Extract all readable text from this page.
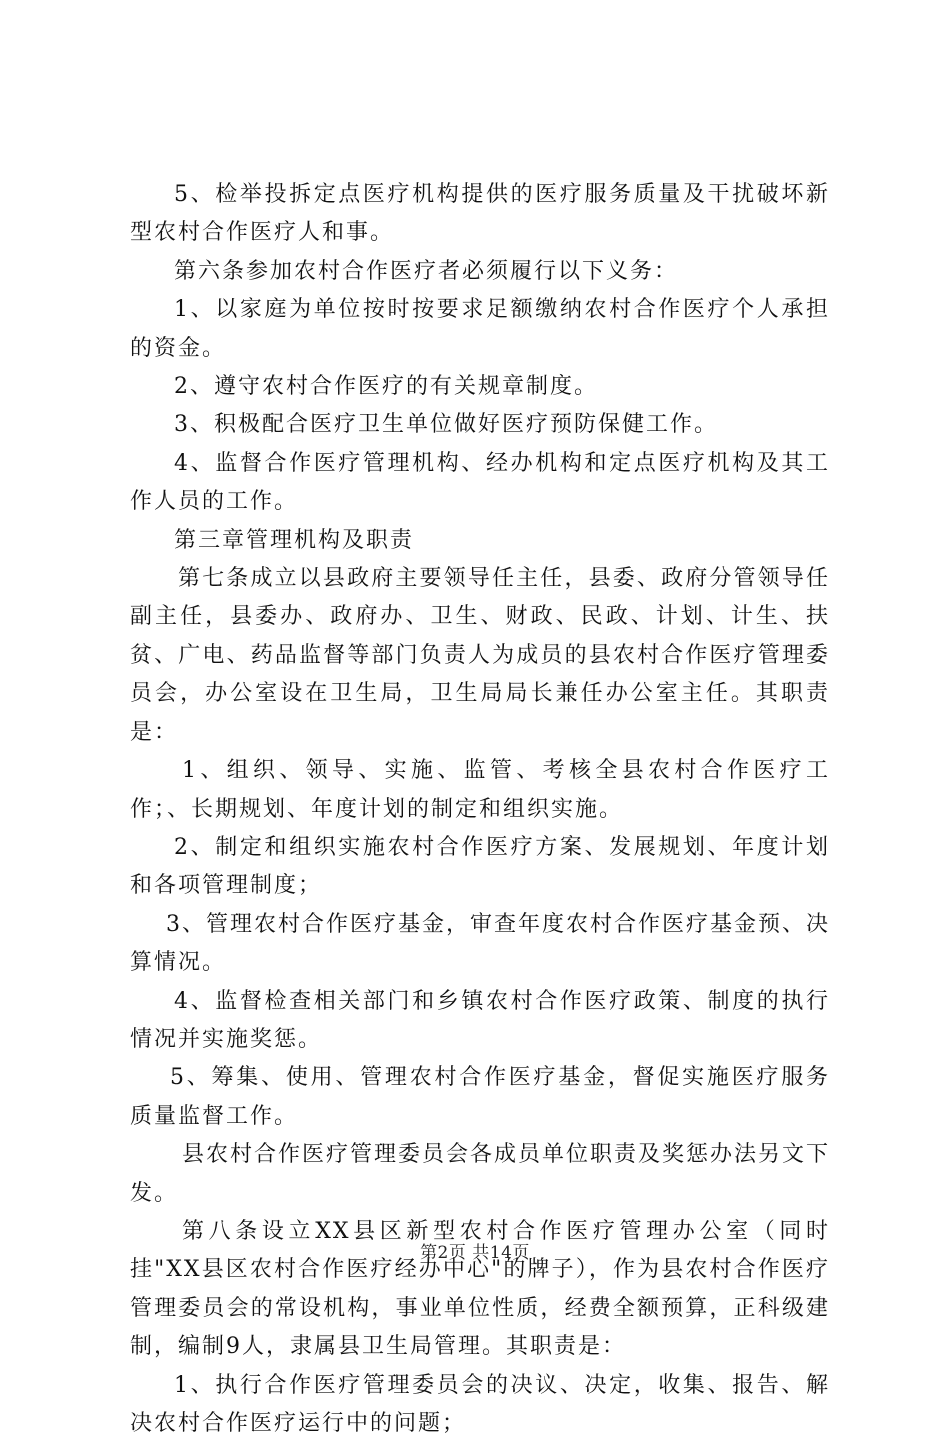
5、检举投拆定点医疗机构提供的医疗服务质量及干扰破坏新型农村合作医疗人和事。

第六条参加农村合作医疗者必须履行以下义务：

1、以家庭为单位按时按要求足额缴纳农村合作医疗个人承担的资金。

2、遵守农村合作医疗的有关规章制度。

3、积极配合医疗卫生单位做好医疗预防保健工作。

4、监督合作医疗管理机构、经办机构和定点医疗机构及其工作人员的工作。

第三章管理机构及职责

第七条成立以县政府主要领导任主任，县委、政府分管领导任副主任，县委办、政府办、卫生、财政、民政、计划、计生、扶贫、广电、药品监督等部门负责人为成员的县农村合作医疗管理委员会，办公室设在卫生局，卫生局局长兼任办公室主任。其职责是：

1、组织、领导、实施、监管、考核全县农村合作医疗工作；、长期规划、年度计划的制定和组织实施。

2、制定和组织实施农村合作医疗方案、发展规划、年度计划和各项管理制度；

3、管理农村合作医疗基金，审查年度农村合作医疗基金预、决算情况。

4、监督检查相关部门和乡镇农村合作医疗政策、制度的执行情况并实施奖惩。

5、筹集、使用、管理农村合作医疗基金，督促实施医疗服务质量监督工作。

县农村合作医疗管理委员会各成员单位职责及奖惩办法另文下发。

第八条设立XX县区新型农村合作医疗管理办公室（同时挂"XX县区农村合作医疗经办中心"的牌子），作为县农村合作医疗管理委员会的常设机构，事业单位性质，经费全额预算，正科级建制，编制9人，隶属县卫生局管理。其职责是：

1、执行合作医疗管理委员会的决议、决定，收集、报告、解决农村合作医疗运行中的问题；

第2页 共14页
